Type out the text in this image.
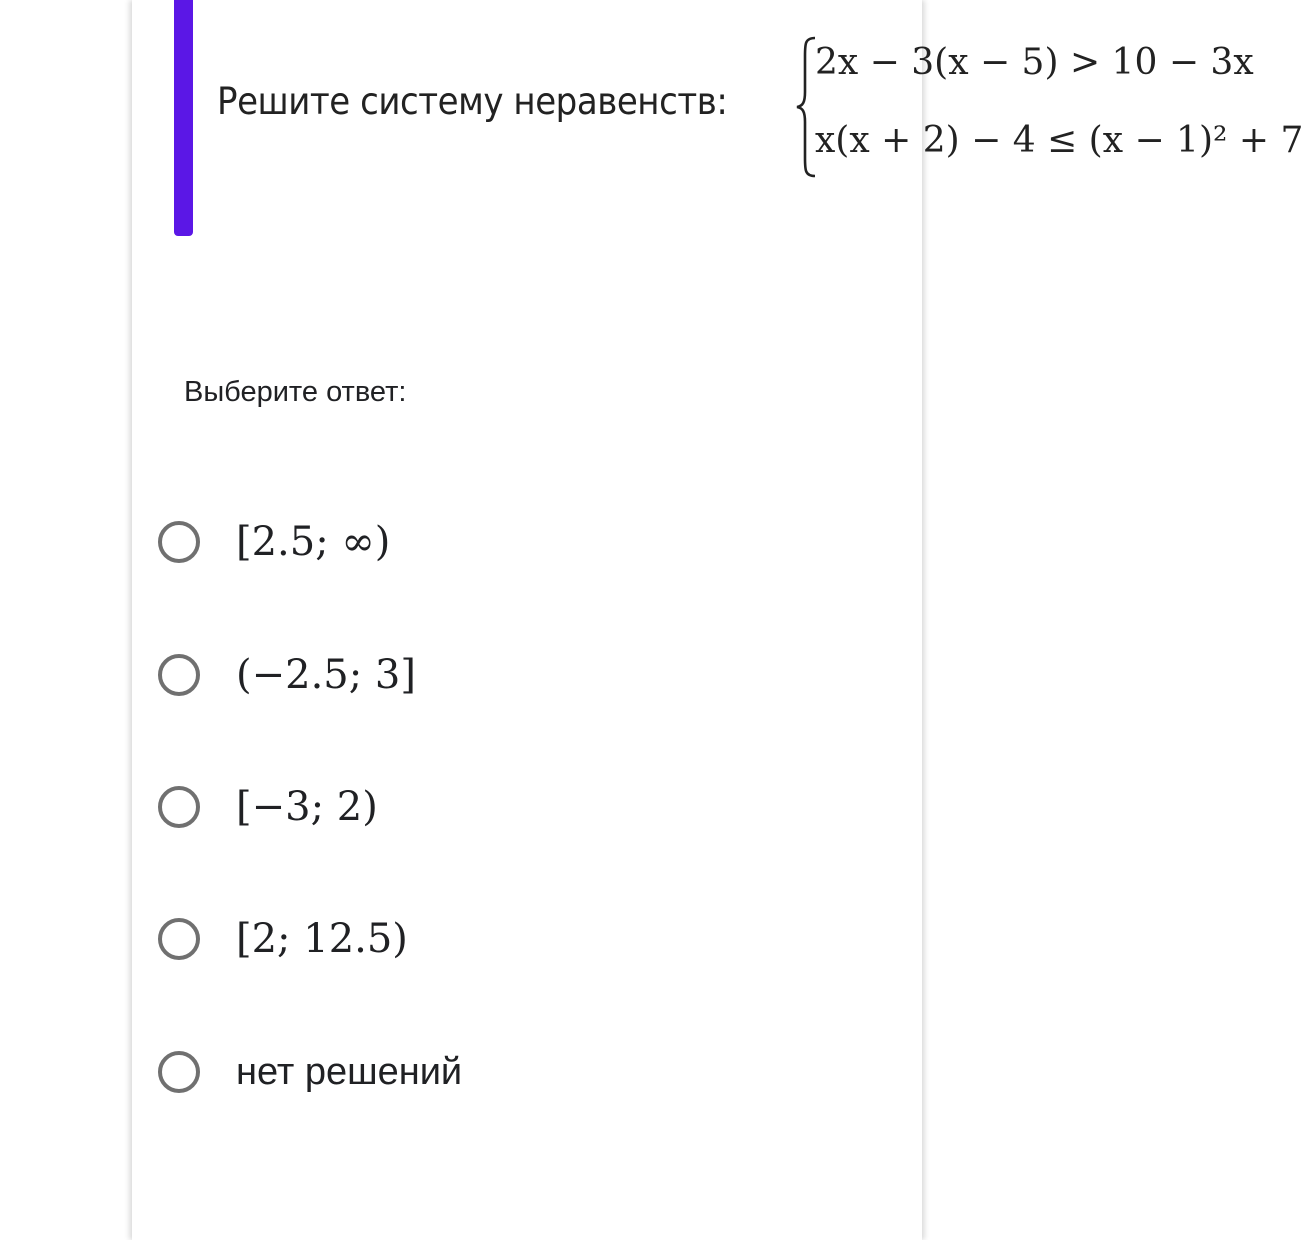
Решите систему неравенств:
2x − 3(x − 5) > 10 − 3x
x(x + 2) − 4 ≤ (x − 1)² + 7
Выберите ответ:
[2.5; ∞)
(−2.5; 3]
[−3; 2)
[2; 12.5)
нет решений
